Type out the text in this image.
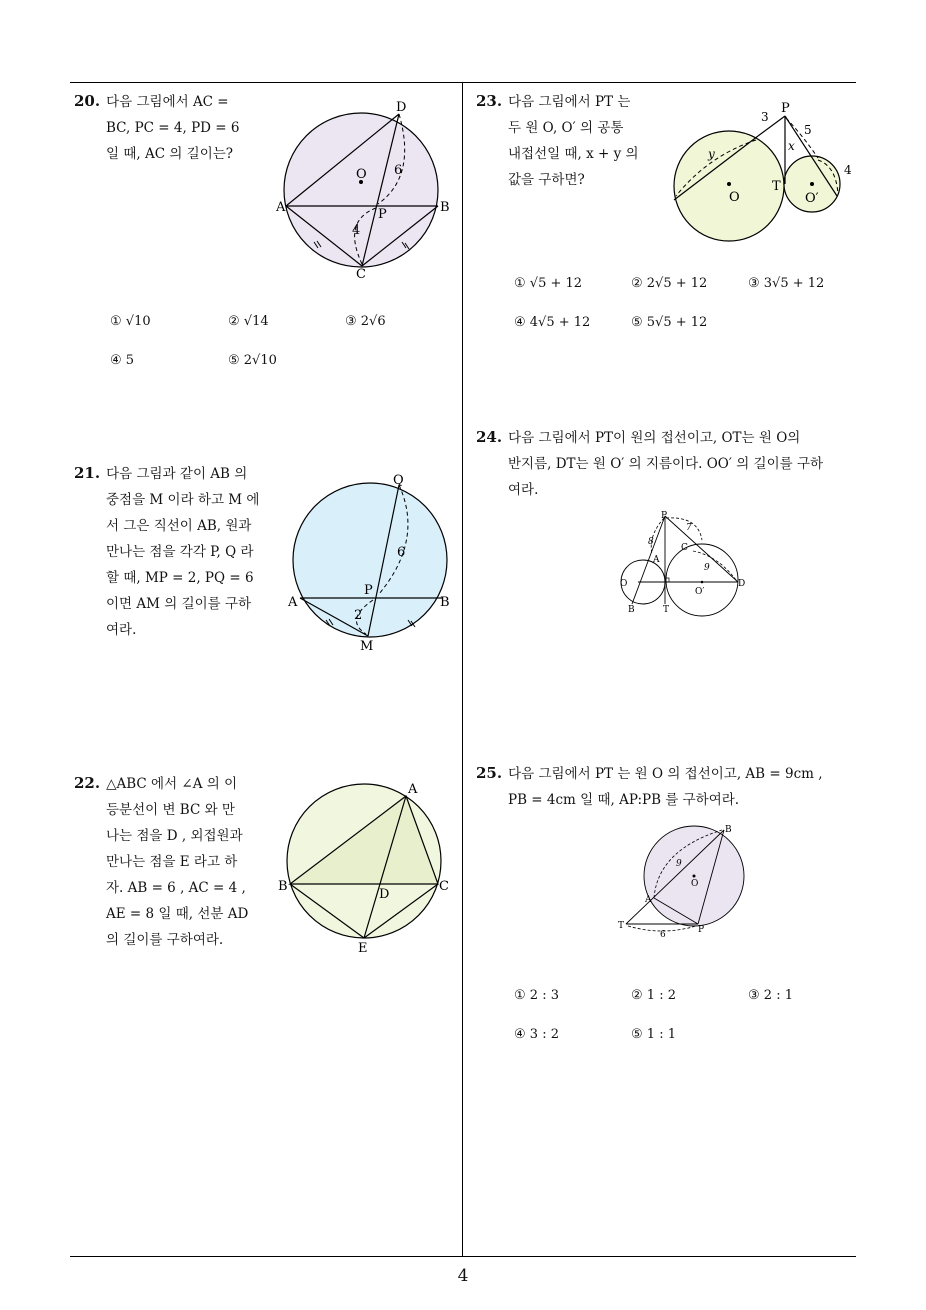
20. 다음 그림에서 AC =
BC, PC = 4, PD = 6
일 때, AC 의 길이는?
D
O
A	B
P
C
6
4
① √10	② √14	③ 2√6
④ 5	⑤ 2√10
21. 다음 그림과 같이 AB 의
중점을 M 이라 하고 M 에
서 그은 직선이 AB, 원과
만나는 점을 각각 P, Q 라
할 때, MP = 2, PQ = 6
이면 AM 의 길이를 구하
여라.
Q
A	B
P
M
6
2
22. △ABC 에서 ∠A 의 이
등분선이 변 BC 와 만
나는 점을 D , 외접원과
만나는 점을 E 라고 하
자. AB = 6 , AC = 4 ,
AE = 8 일 때, 선분 AD
의 길이를 구하여라.
A
B	C
D
E
23. 다음 그림에서 PT 는
두 원 O, O′ 의 공통
내접선일 때, x + y 의
값을 구하면?
P
3
5
y
x
4
T
O	O′
① √5 + 12	② 2√5 + 12	③ 3√5 + 12
④ 4√5 + 12	⑤ 5√5 + 12
24. 다음 그림에서 PT이 원의 접선이고, OT는 원 O의
반지름, DT는 원 O′ 의 지름이다. OO′ 의 길이를 구하
여라.
P
A
C
O
O′
D
B	T
8
7
9
25. 다음 그림에서 PT 는 원 O 의 접선이고, AB = 9cm ,
PB = 4cm 일 때, AP:PB 를 구하여라.
B
9
O
A
T
6	P
① 2 : 3	② 1 : 2	③ 2 : 1
④ 3 : 2	⑤ 1 : 1
4
